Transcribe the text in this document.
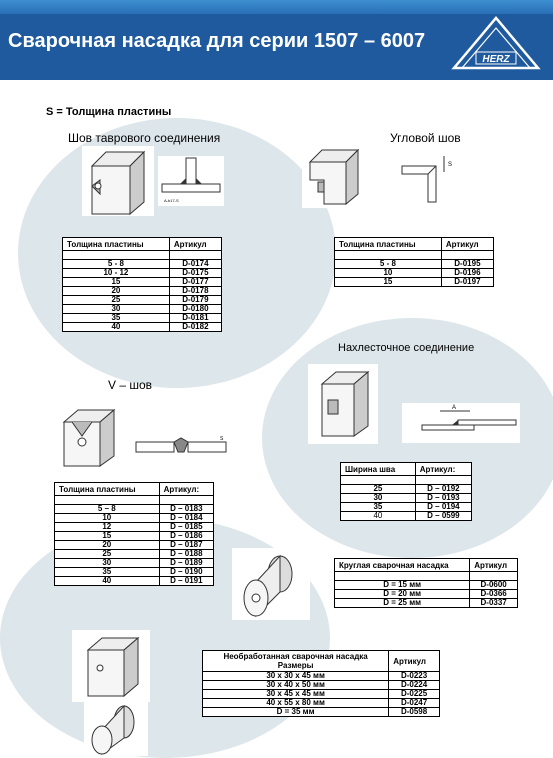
Сварочная насадка для серии 1507 – 6007
HERZ
S = Толщина пластины
Шов таврового соединения
A-b17-S
Толщина пластины	Артикул

5 - 8	D-0174
10 - 12	D-0175
15	D-0177
20	D-0178
25	D-0179
30	D-0180
35	D-0181
40	D-0182
Угловой шов
S
Толщина пластины	Артикул

5 - 8	D-0195
10	D-0196
15	D-0197
Нахлесточное соединение
A
Ширина шва	Артикул:

25	D – 0192
30	D – 0193
35	D – 0194
40	D – 0599
V – шов
S
Толщина пластины	Артикул:

5 – 8	D – 0183
10	D – 0184
12	D – 0185
15	D – 0186
20	D – 0187
25	D – 0188
30	D – 0189
35	D – 0190
40	D – 0191
Круглая сварочная насадка	Артикул

D = 15 мм	D-0600
D = 20 мм	D-0366
D = 25 мм	D-0337
Необработанная сварочная насадка
Размеры	Артикул
30 x 30 x 45 мм	D-0223
30 x 40 x 50 мм	D-0224
30 x 45 x 45 мм	D-0225
40 x 55 x 80 мм	D-0247
D = 35 мм	D-0598
